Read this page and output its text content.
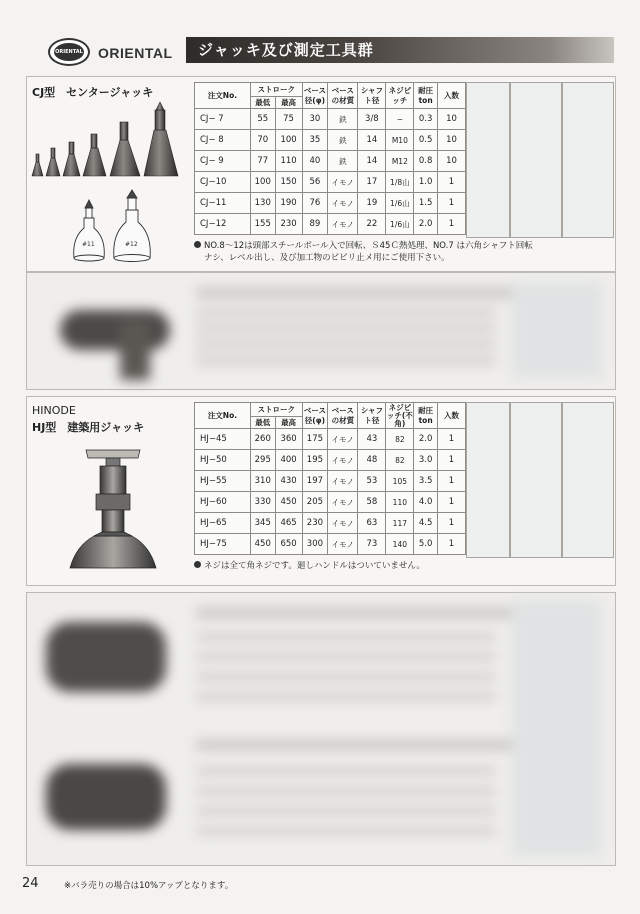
ORIENTAL ORIENTAL	ジャッキ及び測定工具群
CJ型　センタージャッキ
#11	#12
注文No.	ストローク		ベース径(φ)	ベースの材質	シャフト径	ネジピッチ	耐圧ton	入数
	最低	最高						
CJ− 7	55	75	30	鉄	3/8	−	0.3	10
CJ− 8	70	100	35	鉄	14	M10	0.5	10
CJ− 9	77	110	40	鉄	14	M12	0.8	10
CJ−10	100	150	56	イモノ	17	1/8山	1.0	1
CJ−11	130	190	76	イモノ	19	1/6山	1.5	1
CJ−12	155	230	89	イモノ	22	1/6山	2.0	1
NO.8〜12は頭部スチールボール入で回転、Ｓ45Ｃ熱処理、NO.7 は六角シャフト回転
ナシ、レベル出し、及び加工物のビビリ止メ用にご使用下さい。
HINODE
HJ型　建築用ジャッキ
注文No.	ストローク		ベース径(φ)	ベースの材質	シャフト径	ネジピッチ(不角)	耐圧ton	入数
	最低	最高						
HJ−45	260	360	175	イモノ	43	82	2.0	1
HJ−50	295	400	195	イモノ	48	82	3.0	1
HJ−55	310	430	197	イモノ	53	105	3.5	1
HJ−60	330	450	205	イモノ	58	110	4.0	1
HJ−65	345	465	230	イモノ	63	117	4.5	1
HJ−75	450	650	300	イモノ	73	140	5.0	1
ネジは全て角ネジです。廻しハンドルはついていません。
24	※バラ売りの場合は10%アップとなります。
